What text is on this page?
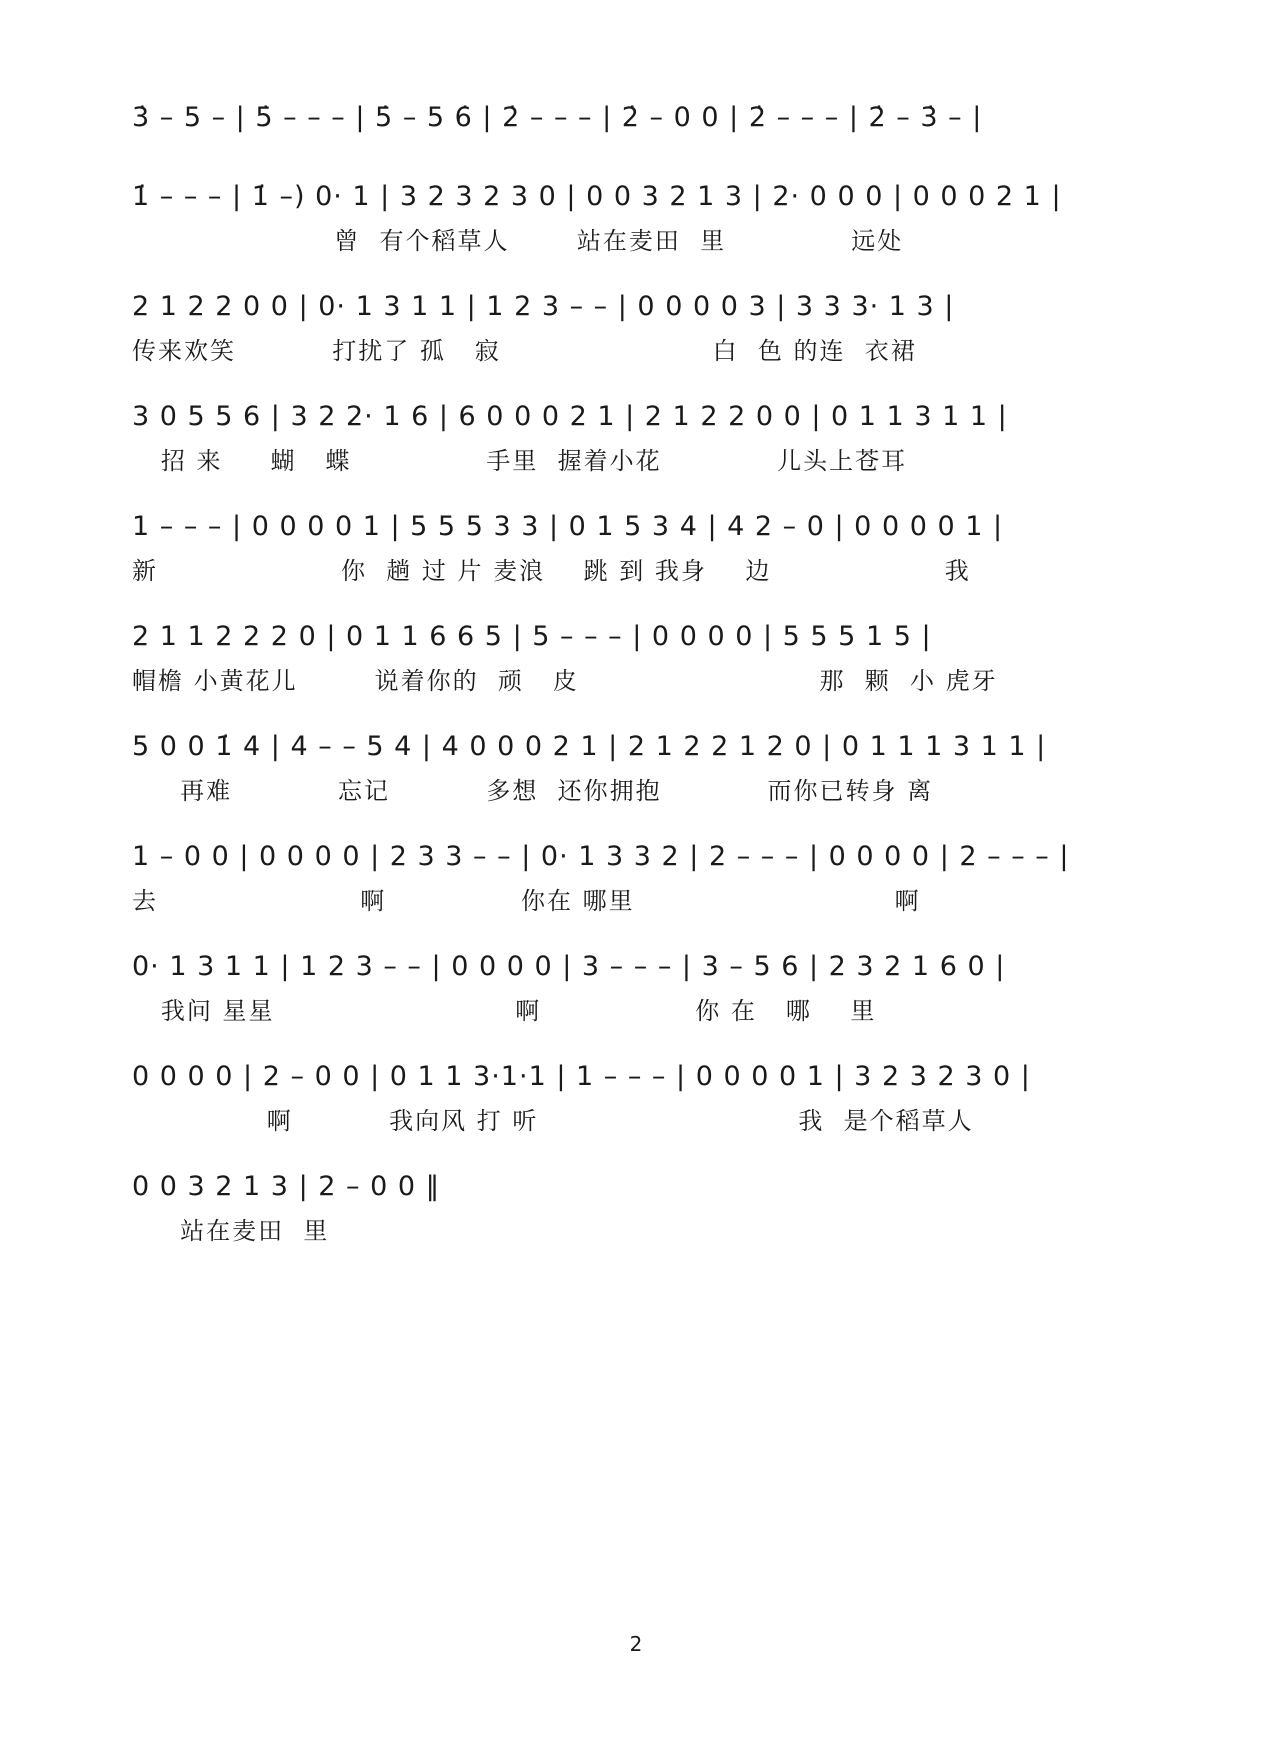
3̇ – 5 – | 5̇ – – – | 5̇ – 5 6̇ | 2̇ – – – | 2̇ – 0 0 | 2̇ – – – | 2̇ – 3̇ – |
1̇ – – – | 1̇ –) 0· 1 | 3 2 3 2 3 0 | 0 0 3 2 1 3 | 2· 0 0 0 | 0 0 0 2 1 |
曾  有个稻草人       站在麦田  里             远处
2 1 2 2 0 0 | 0· 1 3 1 1 | 1 2 3 – – | 0 0 0 0 3 | 3 3 3· 1 3 |
传来欢笑          打扰了 孤   寂                      白  色 的连  衣裙
3 0 5 5 6 | 3 2 2· 1 6 | 6 0 0 0 2 1 | 2 1 2 2 0 0 | 0 1 1 3 1 1 |
招 来     蝴   蝶              手里  握着小花            儿头上苍耳
1 – – – | 0 0 0 0 1 | 5 5 5 3 3 | 0 1 5 3 4 | 4 2 – 0 | 0 0 0 0 1 |
新                   你  趟 过 片 麦浪    跳 到 我身    边                  我
2 1 1 2 2 2 0 | 0 1 1 6 6 5 | 5 – – – | 0 0 0 0 | 5 5 5 1 5 |
帽檐 小黄花儿        说着你的  顽   皮                         那  颗  小 虎牙
5 0 0 1̇ 4 | 4 – – 5 4 | 4 0 0 0 2 1 | 2 1 2 2 1 2 0 | 0 1 1 1 3 1 1 |
再难           忘记          多想  还你拥抱           而你已转身 离
1 – 0 0 | 0 0 0 0 | 2 3 3 – – | 0· 1 3 3 2 | 2 – – – | 0 0 0 0 | 2 – – – |
去                     啊              你在 哪里                           啊
0· 1 3 1 1 | 1 2 3 – – | 0 0 0 0 | 3 – – – | 3 – 5 6 | 2 3 2 1 6 0 |
我问 星星                         啊                你 在   哪    里
0 0 0 0 | 2 – 0 0 | 0 1 1 3·1·1 | 1 – – – | 0 0 0 0 1 | 3 2 3 2 3 0 |
啊          我向风 打 听                           我  是个稻草人
0 0 3 2 1 3 | 2 – 0 0 ‖
站在麦田  里
2
